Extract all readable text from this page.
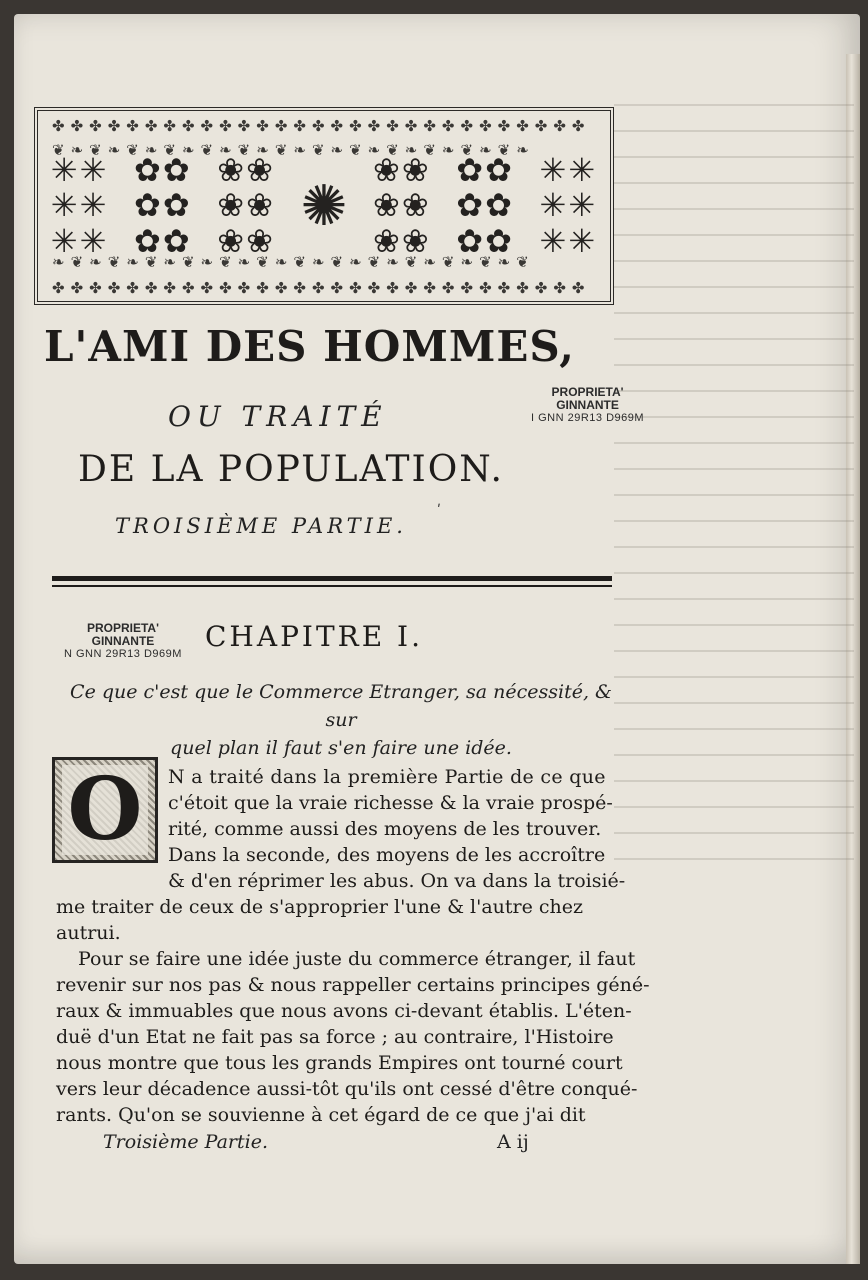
✤✤✤✤✤✤✤✤✤✤✤✤✤✤✤✤✤✤✤✤✤✤✤✤✤✤✤✤✤
❦❧❦❧❦❧❦❧❦❧❦❧❦❧❦❧❦❧❦❧❦❧❦❧❦❧
✳✳
✳✳
✳✳
✿✿
✿✿
✿✿
❀❀
❀❀
❀❀
✺
❀❀
❀❀
❀❀
✿✿
✿✿
✿✿
✳✳
✳✳
✳✳
❧❦❧❦❧❦❧❦❧❦❧❦❧❦❧❦❧❦❧❦❧❦❧❦❧❦
✤✤✤✤✤✤✤✤✤✤✤✤✤✤✤✤✤✤✤✤✤✤✤✤✤✤✤✤✤
L'AMI DES HOMMES,
OU TRAITÉ
DE LA POPULATION.
ʹ
TROISIÈME PARTIE.
PROPRIETA'
GINNANTE
I GNN 29R13 D969M
PROPRIETA'
GINNANTE
N GNN 29R13 D969M
CHAPITRE I.
Ce que c'est que le Commerce Etranger, sa nécessité, & sur
quel plan il faut s'en faire une idée.
O	N a traité dans la première Partie de ce que
c'étoit que la vraie richesse & la vraie prospé-
rité, comme aussi des moyens de les trouver.
Dans la seconde, des moyens de les accroître
& d'en réprimer les abus. On va dans la troisié-
me traiter de ceux de s'approprier l'une & l'autre chez
autrui.
Pour se faire une idée juste du commerce étranger, il faut
revenir sur nos pas & nous rappeller certains principes géné-
raux & immuables que nous avons ci-devant établis. L'éten-
duë d'un Etat ne fait pas sa force ; au contraire, l'Histoire
nous montre que tous les grands Empires ont tourné court
vers leur décadence aussi-tôt qu'ils ont cessé d'être conqué-
rants. Qu'on se souvienne à cet égard de ce que j'ai dit
Troisième Partie.	A ij
